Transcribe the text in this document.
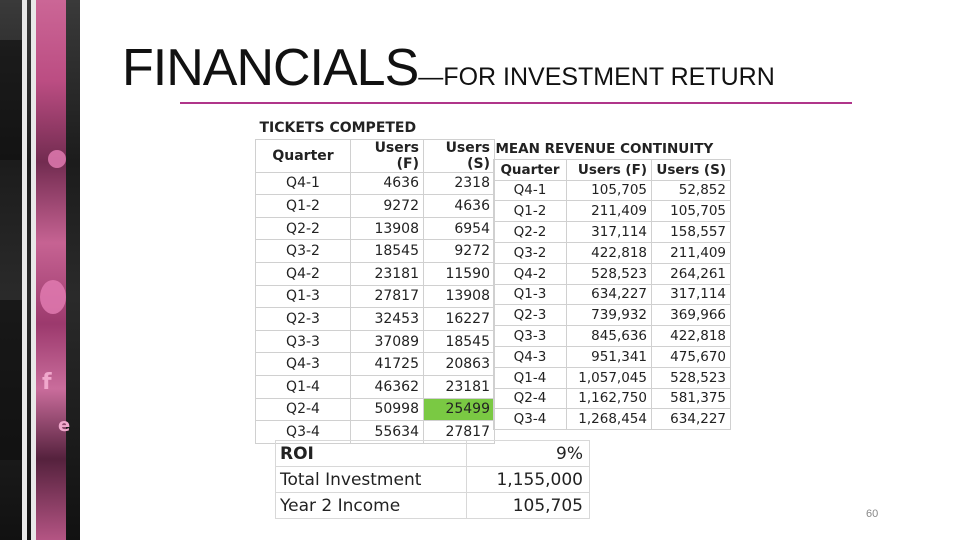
f
e
FINANCIALS—FOR INVESTMENT RETURN
TICKETS COMPETED		
Quarter	Users (F)	Users (S)
Q4-1	4636	2318
Q1-2	9272	4636
Q2-2	13908	6954
Q3-2	18545	9272
Q4-2	23181	11590
Q1-3	27817	13908
Q2-3	32453	16227
Q3-3	37089	18545
Q4-3	41725	20863
Q1-4	46362	23181
Q2-4	50998	25499
Q3-4	55634	27817
MEAN REVENUE CONTINUITY		
Quarter	Users (F)	Users (S)
Q4-1	105,705	52,852
Q1-2	211,409	105,705
Q2-2	317,114	158,557
Q3-2	422,818	211,409
Q4-2	528,523	264,261
Q1-3	634,227	317,114
Q2-3	739,932	369,966
Q3-3	845,636	422,818
Q4-3	951,341	475,670
Q1-4	1,057,045	528,523
Q2-4	1,162,750	581,375
Q3-4	1,268,454	634,227
ROI	9%
Total Investment	1,155,000
Year 2 Income	105,705	60
